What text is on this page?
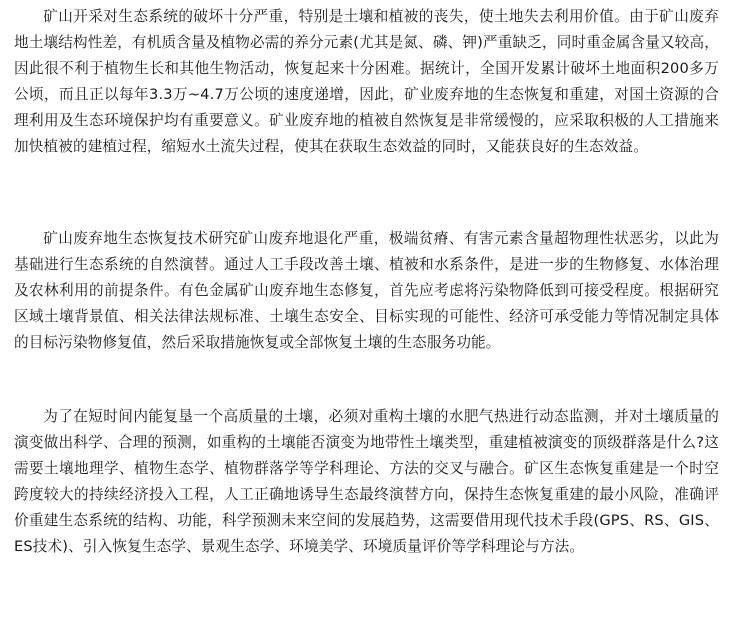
矿山开采对生态系统的破坏十分严重，特别是土壤和植被的丧失，使土地失去利用价值。由于矿山废弃地土壤结构性差，有机质含量及植物必需的养分元素(尤其是氮、磷、钾)严重缺乏，同时重金属含量又较高，因此很不利于植物生长和其他生物活动，恢复起来十分困难。据统计，全国开发累计破坏土地面积200多万公顷，而且正以每年3.3万~4.7万公顷的速度递增，因此，矿业废弃地的生态恢复和重建，对国土资源的合理利用及生态环境保护均有重要意义。矿业废弃地的植被自然恢复是非常缓慢的，应采取积极的人工措施来加快植被的建植过程，缩短水土流失过程，使其在获取生态效益的同时，又能获良好的生态效益。

矿山废弃地生态恢复技术研究矿山废弃地退化严重，极端贫瘠、有害元素含量超物理性状恶劣，以此为基础进行生态系统的自然演替。通过人工手段改善土壤、植被和水系条件，是进一步的生物修复、水体治理及农林利用的前提条件。有色金属矿山废弃地生态修复，首先应考虑将污染物降低到可接受程度。根据研究区域土壤背景值、相关法律法规标准、土壤生态安全、目标实现的可能性、经济可承受能力等情况制定具体的目标污染物修复值，然后采取措施恢复或全部恢复土壤的生态服务功能。

为了在短时间内能复垦一个高质量的土壤，必须对重构土壤的水肥气热进行动态监测，并对土壤质量的演变做出科学、合理的预测，如重构的土壤能否演变为地带性土壤类型，重建植被演变的顶级群落是什么?这需要土壤地理学、植物生态学、植物群落学等学科理论、方法的交叉与融合。矿区生态恢复重建是一个时空跨度较大的持续经济投入工程，人工正确地诱导生态最终演替方向，保持生态恢复重建的最小风险，准确评价重建生态系统的结构、功能，科学预测未来空间的发展趋势，这需要借用现代技术手段(GPS、RS、GIS、ES技术)、引入恢复生态学、景观生态学、环境美学、环境质量评价等学科理论与方法。
